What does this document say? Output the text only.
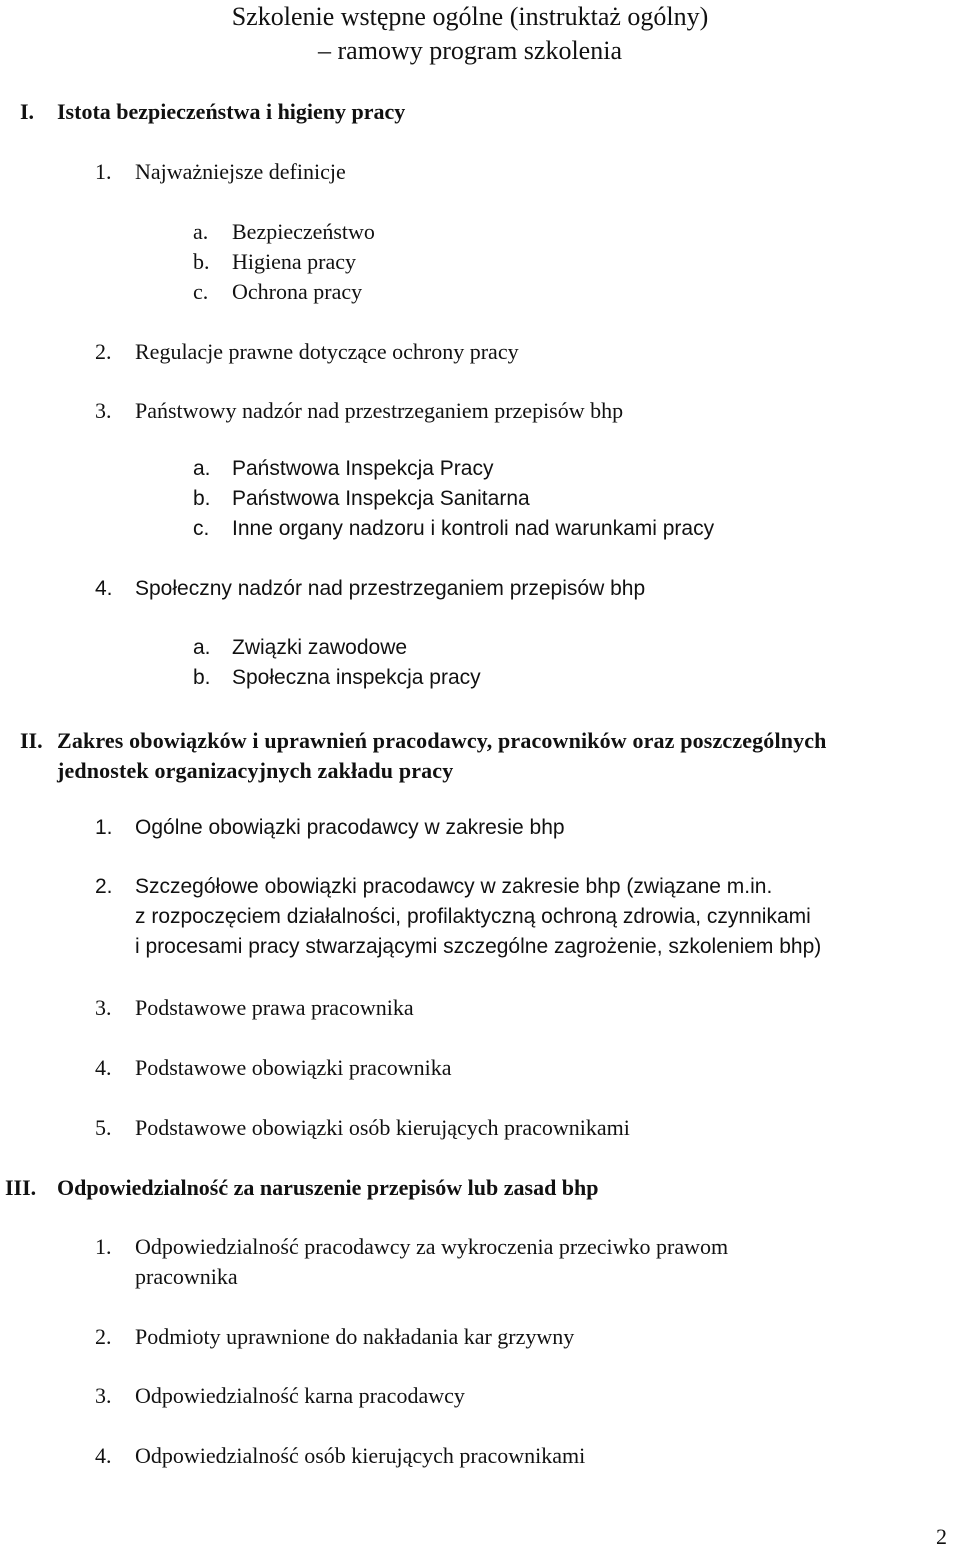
Szkolenie wstępne ogólne (instruktaż ogólny)
– ramowy program szkolenia
I. Istota bezpieczeństwa i higieny pracy
1. Najważniejsze definicje
a. Bezpieczeństwo
b. Higiena pracy
c. Ochrona pracy
2. Regulacje prawne dotyczące ochrony pracy
3. Państwowy nadzór nad przestrzeganiem przepisów bhp
a. Państwowa Inspekcja Pracy
b. Państwowa Inspekcja Sanitarna
c. Inne organy nadzoru i kontroli nad warunkami pracy
4. Społeczny nadzór nad przestrzeganiem przepisów bhp
a. Związki zawodowe
b. Społeczna inspekcja pracy
II. Zakres obowiązków i uprawnień pracodawcy, pracowników oraz poszczególnych
jednostek organizacyjnych zakładu pracy
1. Ogólne obowiązki pracodawcy w zakresie bhp
2. Szczegółowe obowiązki pracodawcy w zakresie bhp (związane m.in.
z rozpoczęciem działalności, profilaktyczną ochroną zdrowia, czynnikami
i procesami pracy stwarzającymi szczególne zagrożenie, szkoleniem bhp)
3. Podstawowe prawa pracownika
4. Podstawowe obowiązki pracownika
5. Podstawowe obowiązki osób kierujących pracownikami
III. Odpowiedzialność za naruszenie przepisów lub zasad bhp
1. Odpowiedzialność pracodawcy za wykroczenia przeciwko prawom
pracownika
2. Podmioty uprawnione do nakładania kar grzywny
3. Odpowiedzialność karna pracodawcy
4. Odpowiedzialność osób kierujących pracownikami
2
